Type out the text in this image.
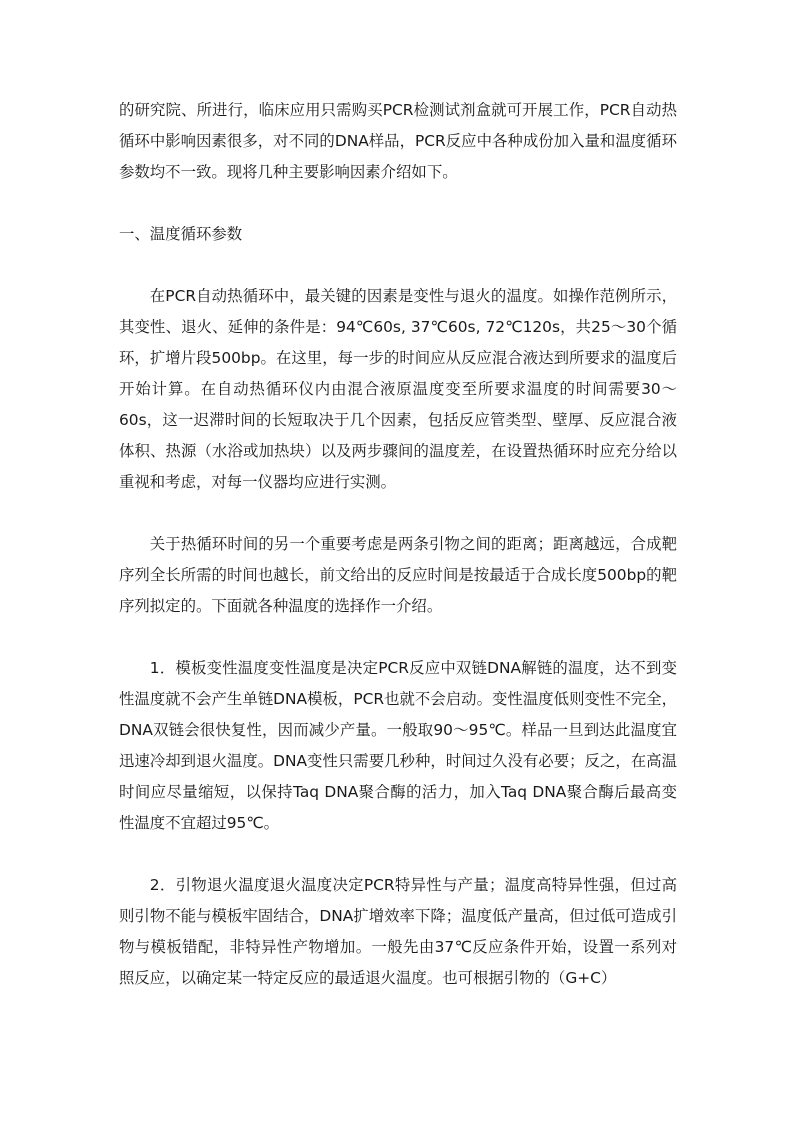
的研究院、所进行，临床应用只需购买PCR检测试剂盒就可开展工作，PCR自动热循环中影响因素很多，对不同的DNA样品，PCR反应中各种成份加入量和温度循环参数均不一致。现将几种主要影响因素介绍如下。

一、温度循环参数

在PCR自动热循环中，最关键的因素是变性与退火的温度。如操作范例所示，其变性、退火、延伸的条件是：94℃60s, 37℃60s, 72℃120s，共25～30个循环，扩增片段500bp。在这里，每一步的时间应从反应混合液达到所要求的温度后开始计算。在自动热循环仪内由混合液原温度变至所要求温度的时间需要30～60s，这一迟滞时间的长短取决于几个因素，包括反应管类型、壁厚、反应混合液体积、热源（水浴或加热块）以及两步骤间的温度差，在设置热循环时应充分给以重视和考虑，对每一仪器均应进行实测。

关于热循环时间的另一个重要考虑是两条引物之间的距离；距离越远，合成靶序列全长所需的时间也越长，前文给出的反应时间是按最适于合成长度500bp的靶序列拟定的。下面就各种温度的选择作一介绍。

1．模板变性温度变性温度是决定PCR反应中双链DNA解链的温度，达不到变性温度就不会产生单链DNA模板，PCR也就不会启动。变性温度低则变性不完全，DNA双链会很快复性，因而减少产量。一般取90～95℃。样品一旦到达此温度宜迅速冷却到退火温度。DNA变性只需要几秒种，时间过久没有必要；反之，在高温时间应尽量缩短，以保持Taq DNA聚合酶的活力，加入Taq DNA聚合酶后最高变性温度不宜超过95℃。

2．引物退火温度退火温度决定PCR特异性与产量；温度高特异性强，但过高则引物不能与模板牢固结合，DNA扩增效率下降；温度低产量高，但过低可造成引物与模板错配，非特异性产物增加。一般先由37℃反应条件开始，设置一系列对照反应，以确定某一特定反应的最适退火温度。也可根据引物的（G+C）
